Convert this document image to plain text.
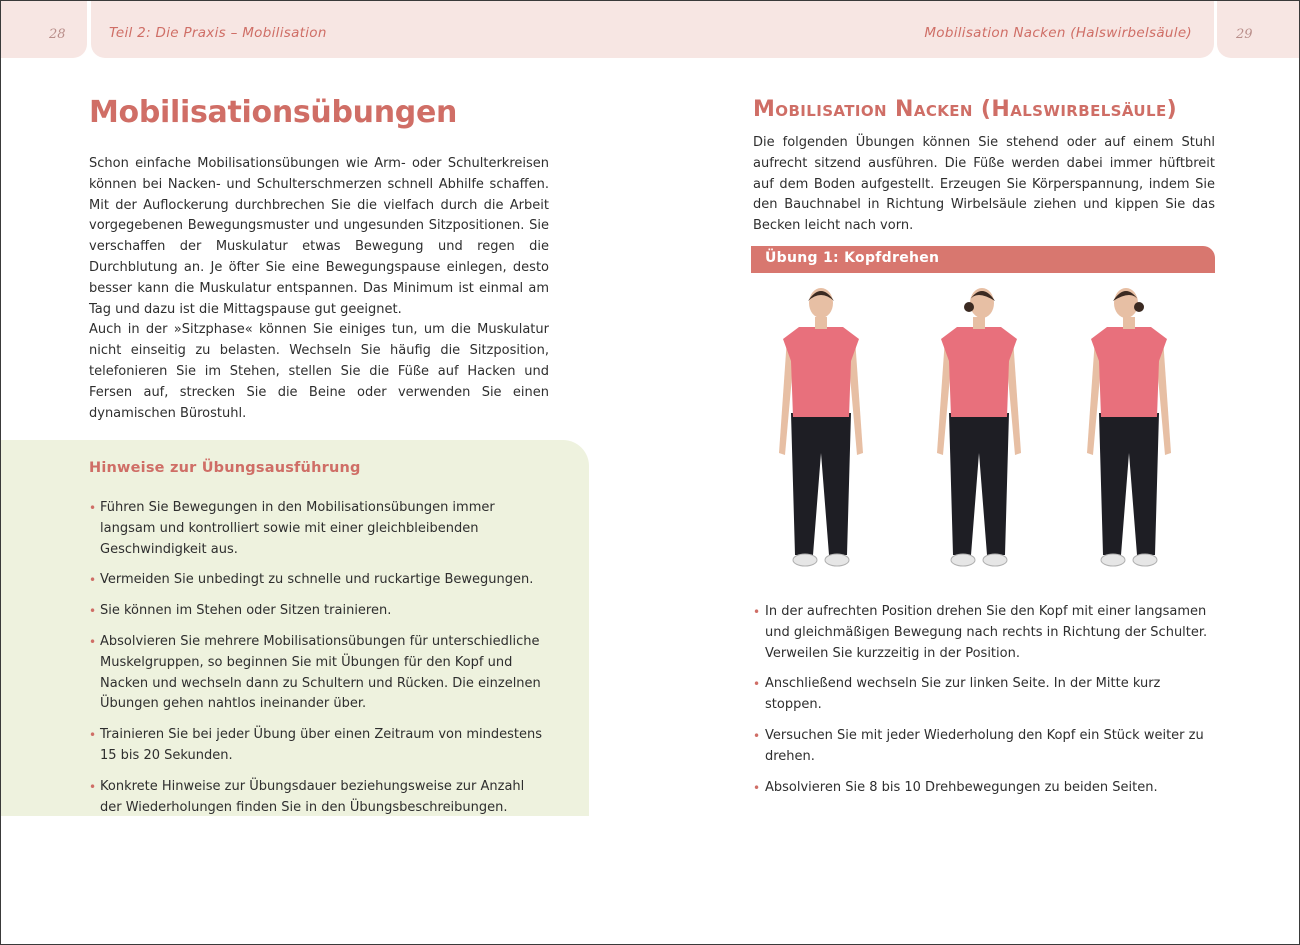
28	Teil 2: Die Praxis – Mobilisation	Mobilisation Nacken (Halswirbelsäule)	29
Mobilisationsübungen

Schon einfache Mobilisationsübungen wie Arm- oder Schulterkreisen können bei Nacken- und Schulterschmerzen schnell Abhilfe schaffen. Mit der Auflockerung durchbrechen Sie die vielfach durch die Arbeit vorgegebenen Bewegungsmuster und ungesunden Sitzpositionen. Sie verschaffen der Muskulatur etwas Bewegung und regen die Durchblutung an. Je öfter Sie eine Bewegungspause einlegen, desto besser kann die Muskulatur entspannen. Das Minimum ist einmal am Tag und dazu ist die Mittagspause gut geeignet.

Auch in der »Sitzphase« können Sie einiges tun, um die Muskulatur nicht einseitig zu belasten. Wechseln Sie häufig die Sitzposition, telefonieren Sie im Stehen, stellen Sie die Füße auf Hacken und Fersen auf, strecken Sie die Beine oder verwenden Sie einen dynamischen Bürostuhl.

Hinweise zur Übungsausführung
• Führen Sie Bewegungen in den Mobilisationsübungen immer langsam und kontrolliert sowie mit einer gleichbleibenden Geschwindigkeit aus.
• Vermeiden Sie unbedingt zu schnelle und ruckartige Bewegungen.
• Sie können im Stehen oder Sitzen trainieren.
• Absolvieren Sie mehrere Mobilisationsübungen für unterschiedliche Muskelgruppen, so beginnen Sie mit Übungen für den Kopf und Nacken und wechseln dann zu Schultern und Rücken. Die einzelnen Übungen gehen nahtlos ineinander über.
• Trainieren Sie bei jeder Übung über einen Zeitraum von mindestens 15 bis 20 Sekunden.
• Konkrete Hinweise zur Übungsdauer beziehungsweise zur Anzahl der Wiederholungen finden Sie in den Übungsbeschreibungen.
Mobilisation Nacken (Halswirbelsäule)

Die folgenden Übungen können Sie stehend oder auf einem Stuhl aufrecht sitzend ausführen. Die Füße werden dabei immer hüftbreit auf dem Boden aufgestellt. Erzeugen Sie Körperspannung, indem Sie den Bauchnabel in Richtung Wirbelsäule ziehen und kippen Sie das Becken leicht nach vorn.

Übung 1: Kopfdrehen
• In der aufrechten Position drehen Sie den Kopf mit einer langsamen und gleichmäßigen Bewegung nach rechts in Richtung der Schulter. Verweilen Sie kurzzeitig in der Position.
• Anschließend wechseln Sie zur linken Seite. In der Mitte kurz stoppen.
• Versuchen Sie mit jeder Wiederholung den Kopf ein Stück weiter zu drehen.
• Absolvieren Sie 8 bis 10 Drehbewegungen zu beiden Seiten.
